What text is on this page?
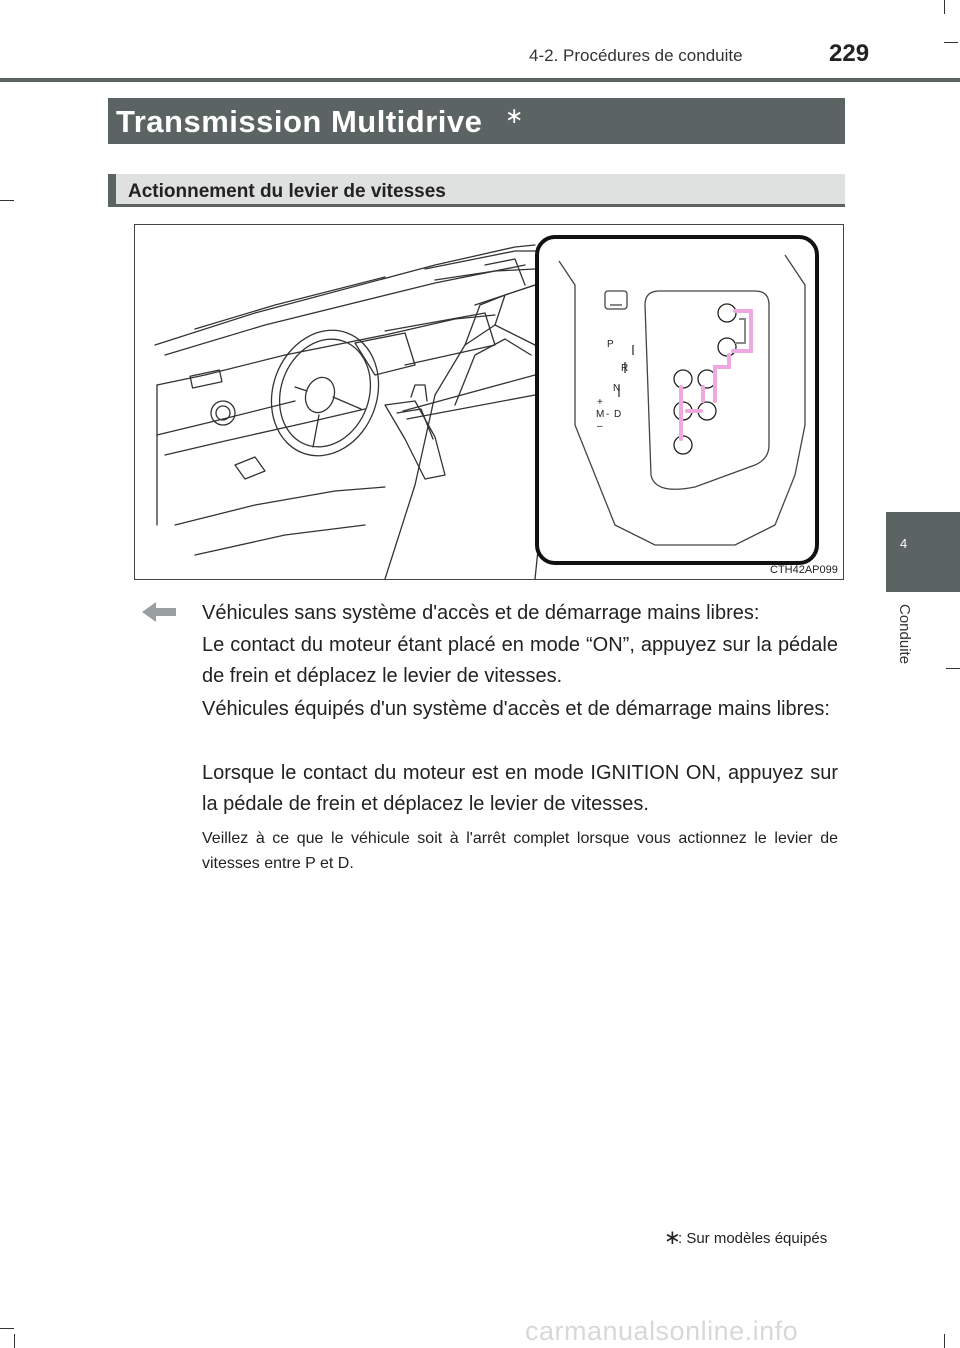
4-2. Procédures de conduite	229
Transmission Multidrive ∗
Actionnement du levier de vitesses
P
R
N
+
M - D
–
CTH42AP099
4
Conduite
Véhicules sans système d'accès et de démarrage mains libres:
Le contact du moteur étant placé en mode “ON”, appuyez sur la pédale de frein et déplacez le levier de vitesses.
Véhicules équipés d'un système d'accès et de démarrage mains libres:
Lorsque le contact du moteur est en mode IGNITION ON, appuyez sur la pédale de frein et déplacez le levier de vitesses.
Veillez à ce que le véhicule soit à l'arrêt complet lorsque vous actionnez le levier de vitesses entre P et D.
∗
: Sur modèles équipés
carmanualsonline.info
